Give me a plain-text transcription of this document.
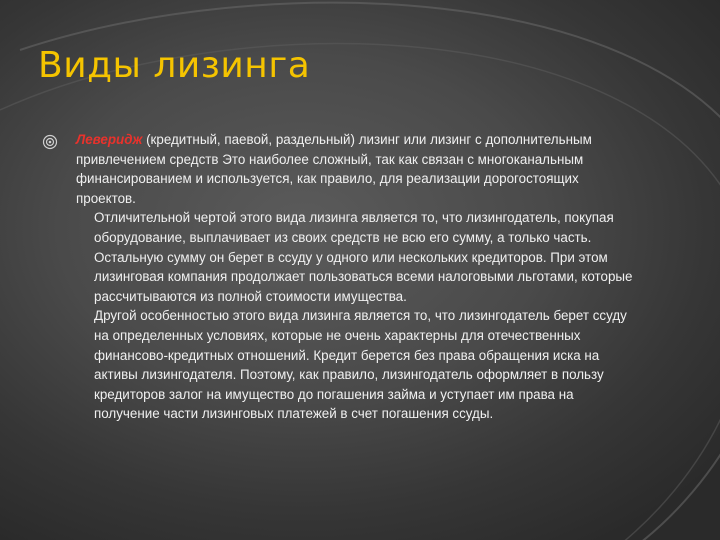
Виды лизинга

Леверидж (кредитный, паевой, раздельный) лизинг или лизинг с дополнительным привлечением средств Это наиболее сложный, так как связан с многоканальным финансированием и используется, как правило, для реализации дорогостоящих проектов.

Отличительной чертой этого вида лизинга является то, что лизингодатель, покупая оборудование, выплачивает из своих средств не всю его сумму, а только часть. Остальную сумму он берет в ссуду у одного или нескольких кредиторов. При этом лизинговая компания продолжает пользоваться всеми налоговыми льготами, которые рассчитываются из полной стоимости имущества.

Другой особенностью этого вида лизинга является то, что лизингодатель берет ссуду на определенных условиях, которые не очень характерны для отечественных финансово-кредитных отношений. Кредит берется без права обращения иска на активы лизингодателя. Поэтому, как правило, лизингодатель оформляет в пользу кредиторов залог на имущество до погашения займа и уступает им права на получение части лизинговых платежей в счет погашения ссуды.
